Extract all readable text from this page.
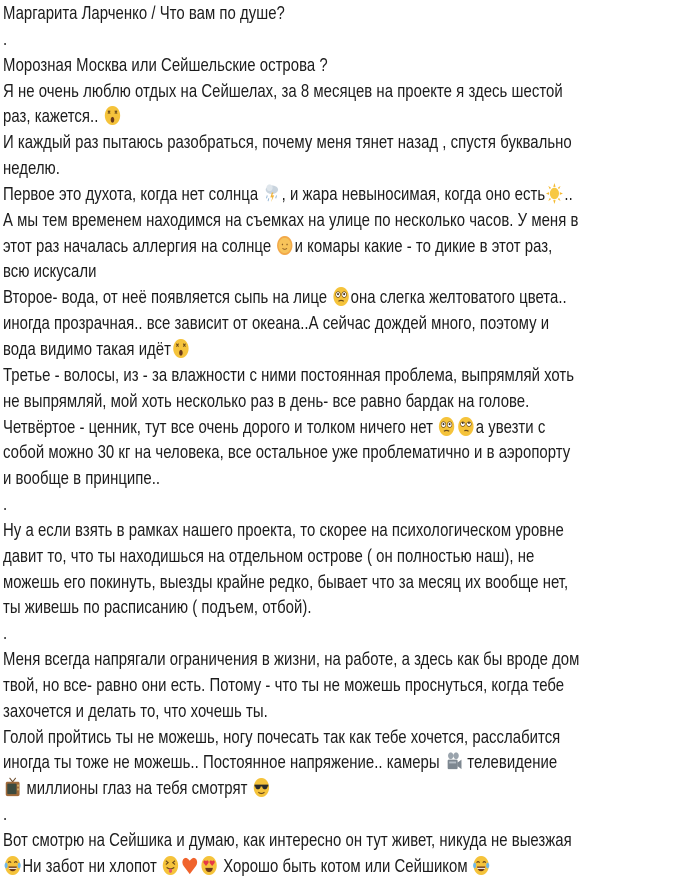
Маргарита Ларченко / Что вам по душе?
.
Морозная Москва или Сейшельские острова ?
Я не очень люблю отдых на Сейшелах, за 8 месяцев на проекте я здесь шестой
раз, кажется..
И каждый раз пытаюсь разобраться, почему меня тянет назад , спустя буквально
неделю.
Первое это духота, когда нет солнца
, и жара невыносимая, когда оно есть ..
А мы тем временем находимся на съемках на улице по несколько часов. У меня в
этот раз началась аллергия на солнце
и комары какие - то дикие в этот раз,
всю искусали
Второе- вода, от неё появляется сыпь на лице
она слегка желтоватого цвета..
иногда прозрачная.. все зависит от океана..А сейчас дождей много, поэтому и
вода видимо такая идёт
Третье - волосы, из - за влажности с ними постоянная проблема, выпрямляй хоть
не выпрямляй, мой хоть несколько раз в день- все равно бардак на голове.
Четвёртое - ценник, тут все очень дорого и толком ничего нет
а увезти с
собой можно 30 кг на человека, все остальное уже проблематично и в аэропорту
и вообще в принципе..
.
Ну а если взять в рамках нашего проекта, то скорее на психологическом уровне
давит то, что ты находишься на отдельном острове ( он полностью наш), не
можешь его покинуть, выезды крайне редко, бывает что за месяц их вообще нет,
ты живешь по расписанию ( подъем, отбой).
.
Меня всегда напрягали ограничения в жизни, на работе, а здесь как бы вроде дом
твой, но все- равно они есть. Потому - что ты не можешь проснуться, когда тебе
захочется и делать то, что хочешь ты.
Голой пройтись ты не можешь, ногу почесать так как тебе хочется, расслабится
иногда ты тоже не можешь.. Постоянное напряжение.. камеры
телевидение
миллионы глаз на тебя смотрят
.
Вот смотрю на Сейшика и думаю, как интересно он тут живет, никуда не выезжая
Ни забот ни хлопот	Хорошо быть котом или Сейшиком
